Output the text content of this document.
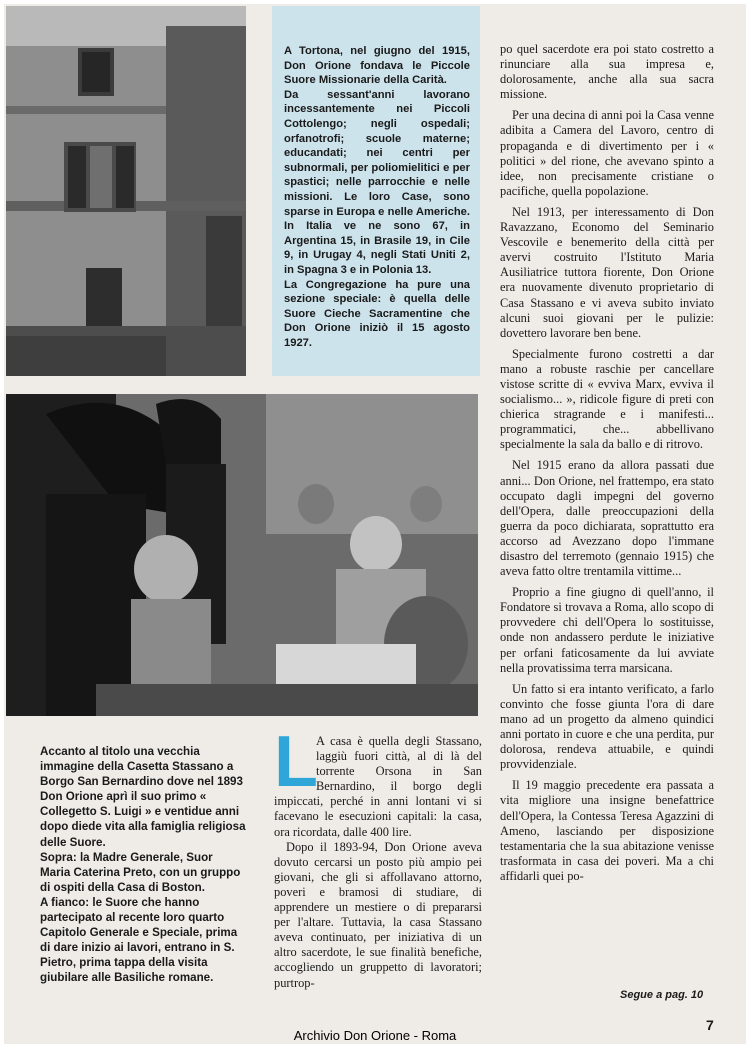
A Tortona, nel giugno del 1915, Don Orione fondava le Piccole Suore Missionarie della Carità.

Da sessant'anni lavorano incessantemente nei Piccoli Cottolengo; negli ospedali; orfanotrofi; scuole materne; educandati; nei centri per subnormali, per poliomielitici e per spastici; nelle parrocchie e nelle missioni. Le loro Case, sono sparse in Europa e nelle Americhe. In Italia ve ne sono 67, in Argentina 15, in Brasile 19, in Cile 9, in Urugay 4, negli Stati Uniti 2, in Spagna 3 e in Polonia 13.

La Congregazione ha pure una sezione speciale: è quella delle Suore Cieche Sacramentine che Don Orione iniziò il 15 agosto 1927.

po quel sacerdote era poi stato costretto a rinunciare alla sua impresa e, dolorosamente, anche alla sua sacra missione.

Per una decina di anni poi la Casa venne adibita a Camera del Lavoro, centro di propaganda e di divertimento per i « politici » del rione, che avevano spinto a idee, non precisamente cristiane o pacifiche, quella popolazione.

Nel 1913, per interessamento di Don Ravazzano, Economo del Seminario Vescovile e benemerito della città per avervi costruito l'Istituto Maria Ausiliatrice tuttora fiorente, Don Orione era nuovamente divenuto proprietario di Casa Stassano e vi aveva subito inviato alcuni suoi giovani per le pulizie: dovettero lavorare ben bene.

Specialmente furono costretti a dar mano a robuste raschie per cancellare vistose scritte di « evviva Marx, evviva il socialismo... », ridicole figure di preti con chierica stragrande e i manifesti... programmatici, che... abbellivano specialmente la sala da ballo e di ritrovo.

Nel 1915 erano da allora passati due anni... Don Orione, nel frattempo, era stato occupato dagli impegni del governo dell'Opera, dalle preoccupazioni della guerra da poco dichiarata, soprattutto era accorso ad Avezzano dopo l'immane disastro del terremoto (gennaio 1915) che aveva fatto oltre trentamila vittime...

Proprio a fine giugno di quell'anno, il Fondatore si trovava a Roma, allo scopo di provvedere chi dell'Opera lo sostituisse, onde non andassero perdute le iniziative per orfani faticosamente da lui avviate nella provatissima terra marsicana.

Un fatto si era intanto verificato, a farlo convinto che fosse giunta l'ora di dare mano ad un progetto da almeno quindici anni portato in cuore e che una perdita, pur dolorosa, rendeva attuabile, e quindi provvidenziale.

Il 19 maggio precedente era passata a vita migliore una insigne benefattrice dell'Opera, la Contessa Teresa Agazzini di Ameno, lasciando per disposizione testamentaria che la sua abitazione venisse trasformata in casa dei poveri. Ma a chi affidarli quei po-

Accanto al titolo una vecchia immagine della Casetta Stassano a Borgo San Bernardino dove nel 1893 Don Orione aprì il suo primo « Collegetto S. Luigi » e ventidue anni dopo diede vita alla famiglia religiosa delle Suore.

Sopra: la Madre Generale, Suor Maria Caterina Preto, con un gruppo di ospiti della Casa di Boston.

A fianco: le Suore che hanno partecipato al recente loro quarto Capitolo Generale e Speciale, prima di dare inizio ai lavori, entrano in S. Pietro, prima tappa della visita giubilare alle Basiliche romane.

L
A casa è quella degli Stassano, laggiù fuori città, al di là del torrente Orsona in San Bernardino, il borgo degli impiccati, perché in anni lontani vi si facevano le esecuzioni capitali: la casa, ora ricordata, dalle 400 lire.

Dopo il 1893-94, Don Orione aveva dovuto cercarsi un posto più ampio pei giovani, che gli si affollavano attorno, poveri e bramosi di studiare, di apprendere un mestiere o di prepararsi per l'altare. Tuttavia, la casa Stassano aveva continuato, per iniziativa di un altro sacerdote, le sue finalità benefiche, accogliendo un gruppetto di lavoratori; purtrop-

Segue a pag. 10
7
Archivio Don Orione - Roma
